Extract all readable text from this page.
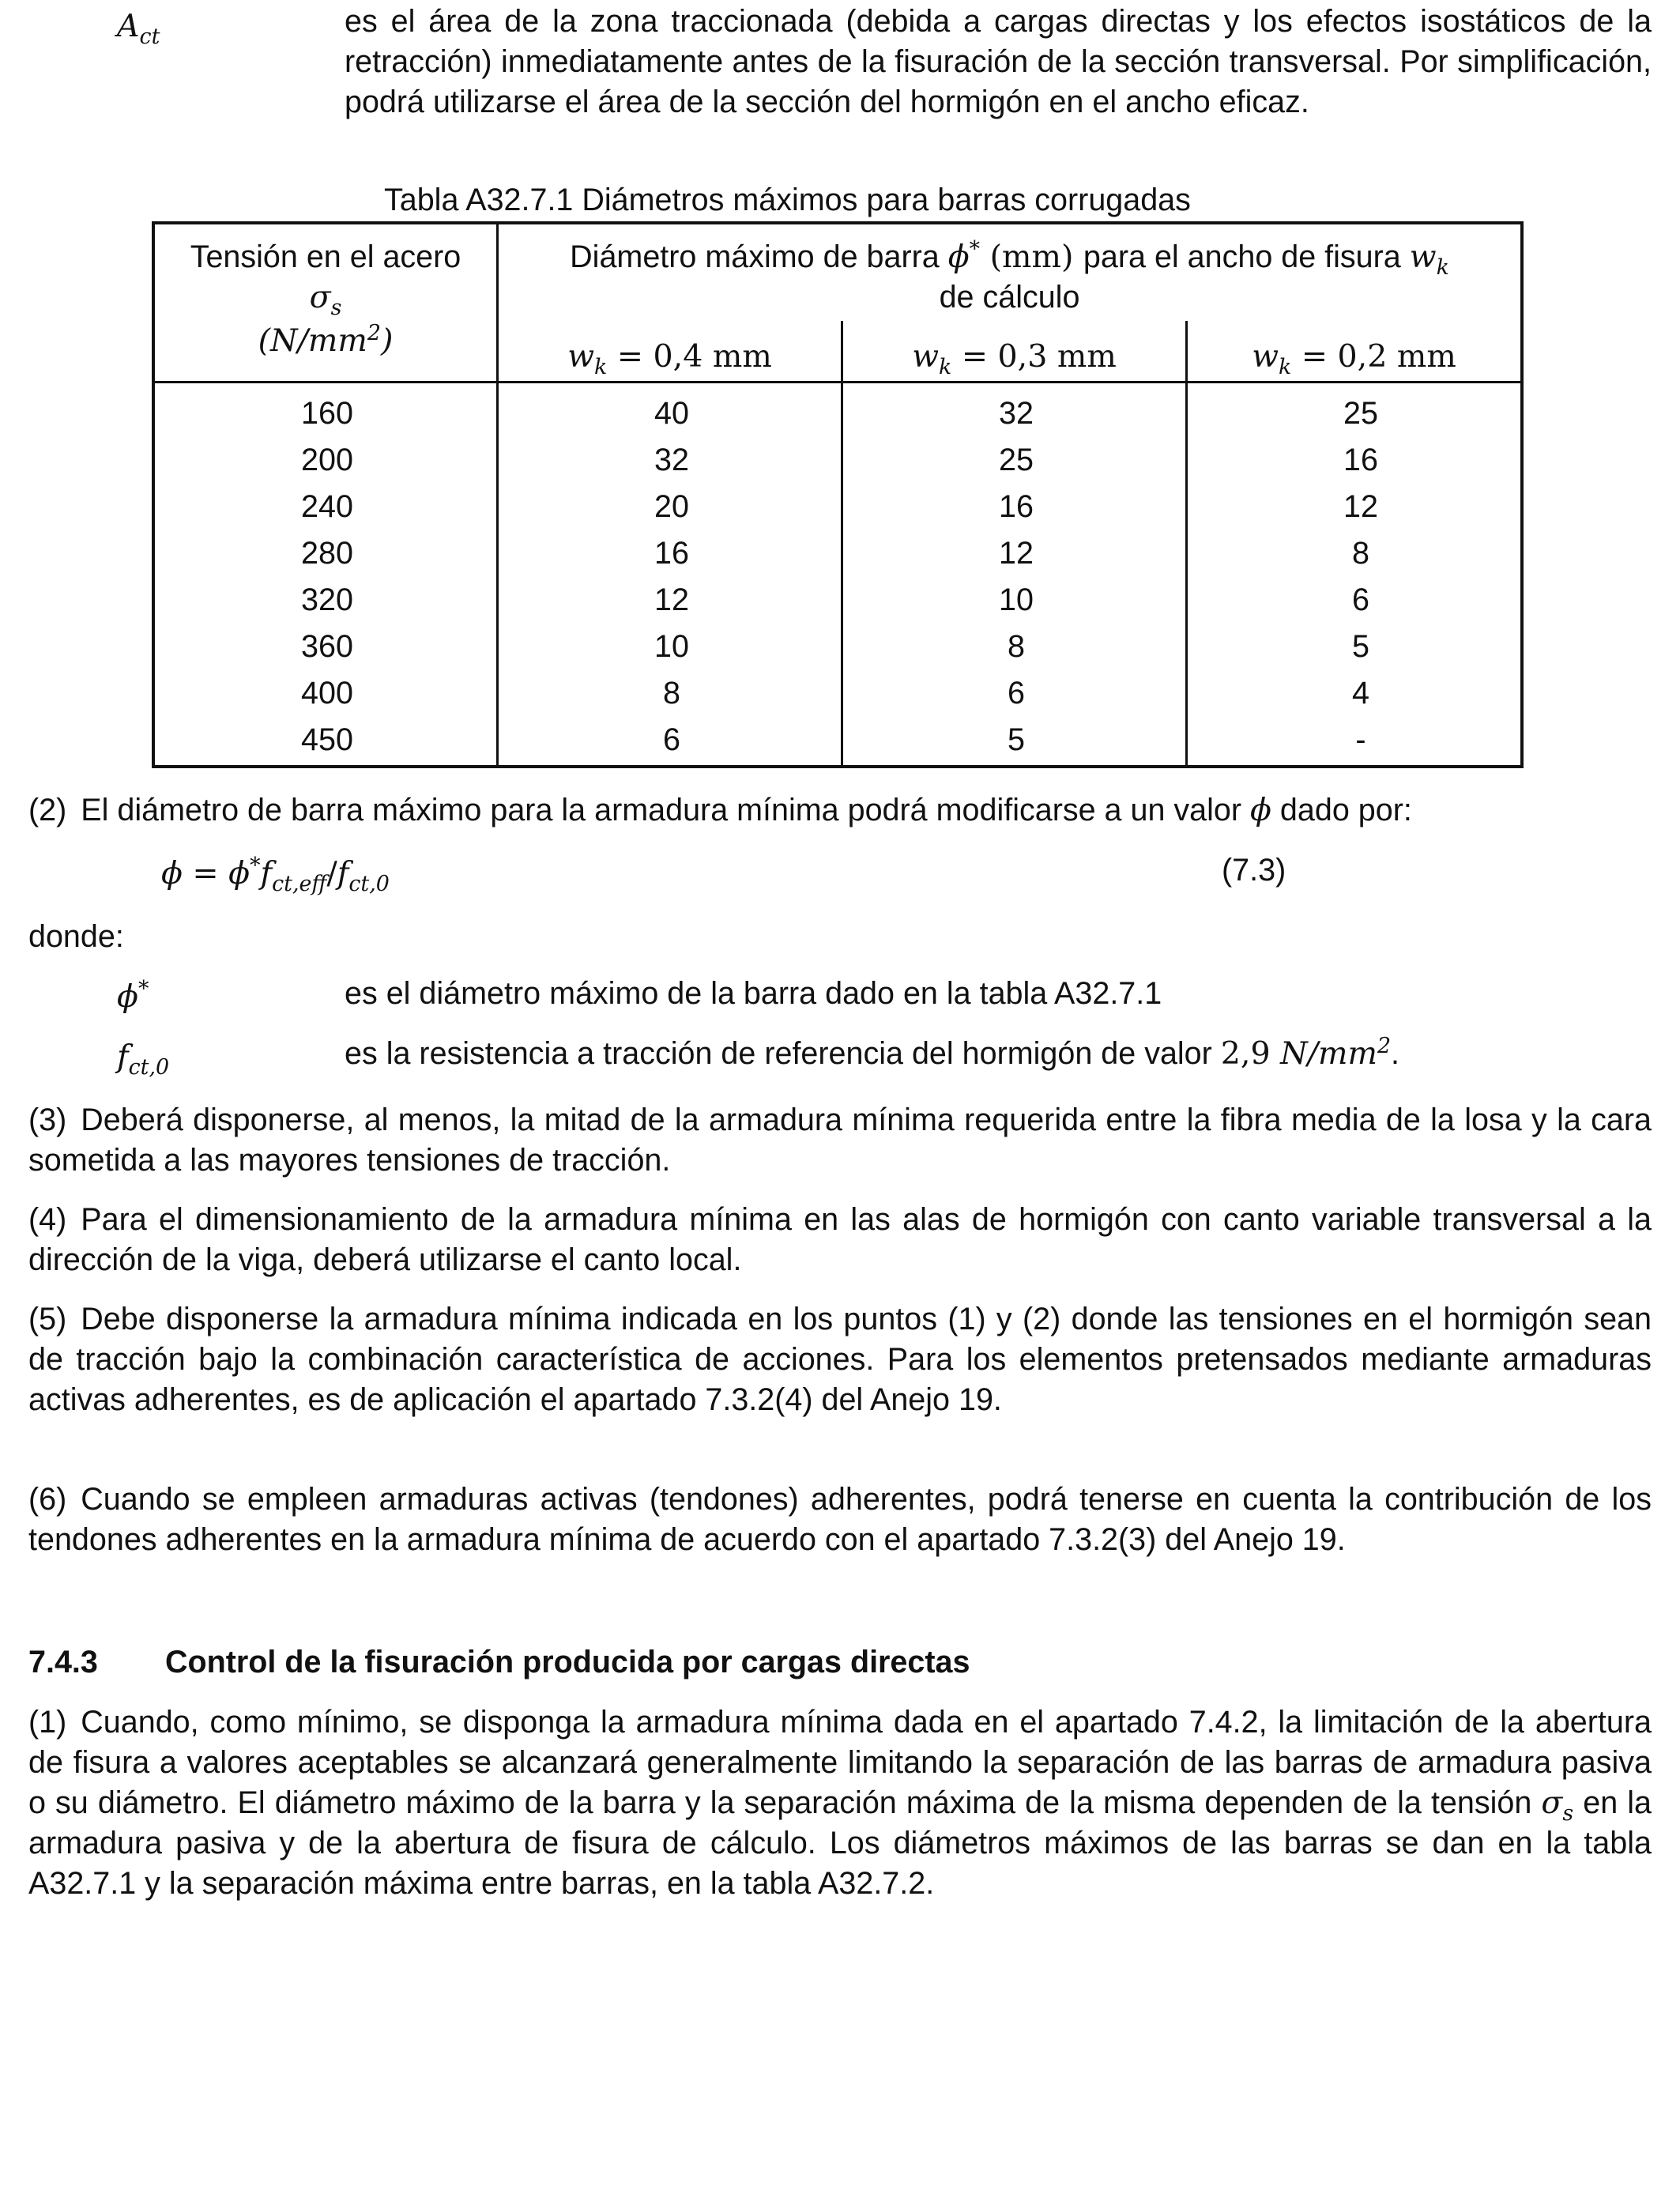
$A_{ct}$	es el área de la zona traccionada (debida a cargas directas y los efectos isostáticos de la retracción) inmediatamente antes de la fisuración de la sección transversal. Por simplificación, podrá utilizarse el área de la sección del hormigón en el ancho eficaz.
Tabla A32.7.1 Diámetros máximos para barras corrugadas
Tensión en el acero
$\sigma_s$
$(N/mm^2)$
Diámetro máximo de barra ϕ* (mm) para el ancho de fisura $w_k$
de cálculo
$w_k = 0,4$ mm	$w_k = 0,3$ mm	$w_k = 0,2$ mm
160	40	32	25
200	32	25	16
240	20	16	12
280	16	12	8
320	12	10	6
360	10	8	5
400	8	6	4
450	6	5	-
(2) El diámetro de barra máximo para la armadura mínima podrá modificarse a un valor ϕ dado por:
$\phi = \phi^*f_{ct,eff}/f_{ct,0}$	(7.3)
donde:
ϕ*	es el diámetro máximo de la barra dado en la tabla A32.7.1
$f_{ct,0}$	es la resistencia a tracción de referencia del hormigón de valor 2,9 $N/mm^2$.
(3) Deberá disponerse, al menos, la mitad de la armadura mínima requerida entre la fibra media de la losa y la cara sometida a las mayores tensiones de tracción.
(4) Para el dimensionamiento de la armadura mínima en las alas de hormigón con canto variable transversal a la dirección de la viga, deberá utilizarse el canto local.
(5) Debe disponerse la armadura mínima indicada en los puntos (1) y (2) donde las tensiones en el hormigón sean de tracción bajo la combinación característica de acciones. Para los elementos pretensados mediante armaduras activas adherentes, es de aplicación el apartado 7.3.2(4) del Anejo 19.
(6) Cuando se empleen armaduras activas (tendones) adherentes, podrá tenerse en cuenta la contribución de los tendones adherentes en la armadura mínima de acuerdo con el apartado 7.3.2(3) del Anejo 19.
7.4.3 Control de la fisuración producida por cargas directas
(1) Cuando, como mínimo, se disponga la armadura mínima dada en el apartado 7.4.2, la limitación de la abertura de fisura a valores aceptables se alcanzará generalmente limitando la separación de las barras de armadura pasiva o su diámetro. El diámetro máximo de la barra y la separación máxima de la misma dependen de la tensión $\sigma_s$ en la armadura pasiva y de la abertura de fisura de cálculo. Los diámetros máximos de las barras se dan en la tabla A32.7.1 y la separación máxima entre barras, en la tabla A32.7.2.
